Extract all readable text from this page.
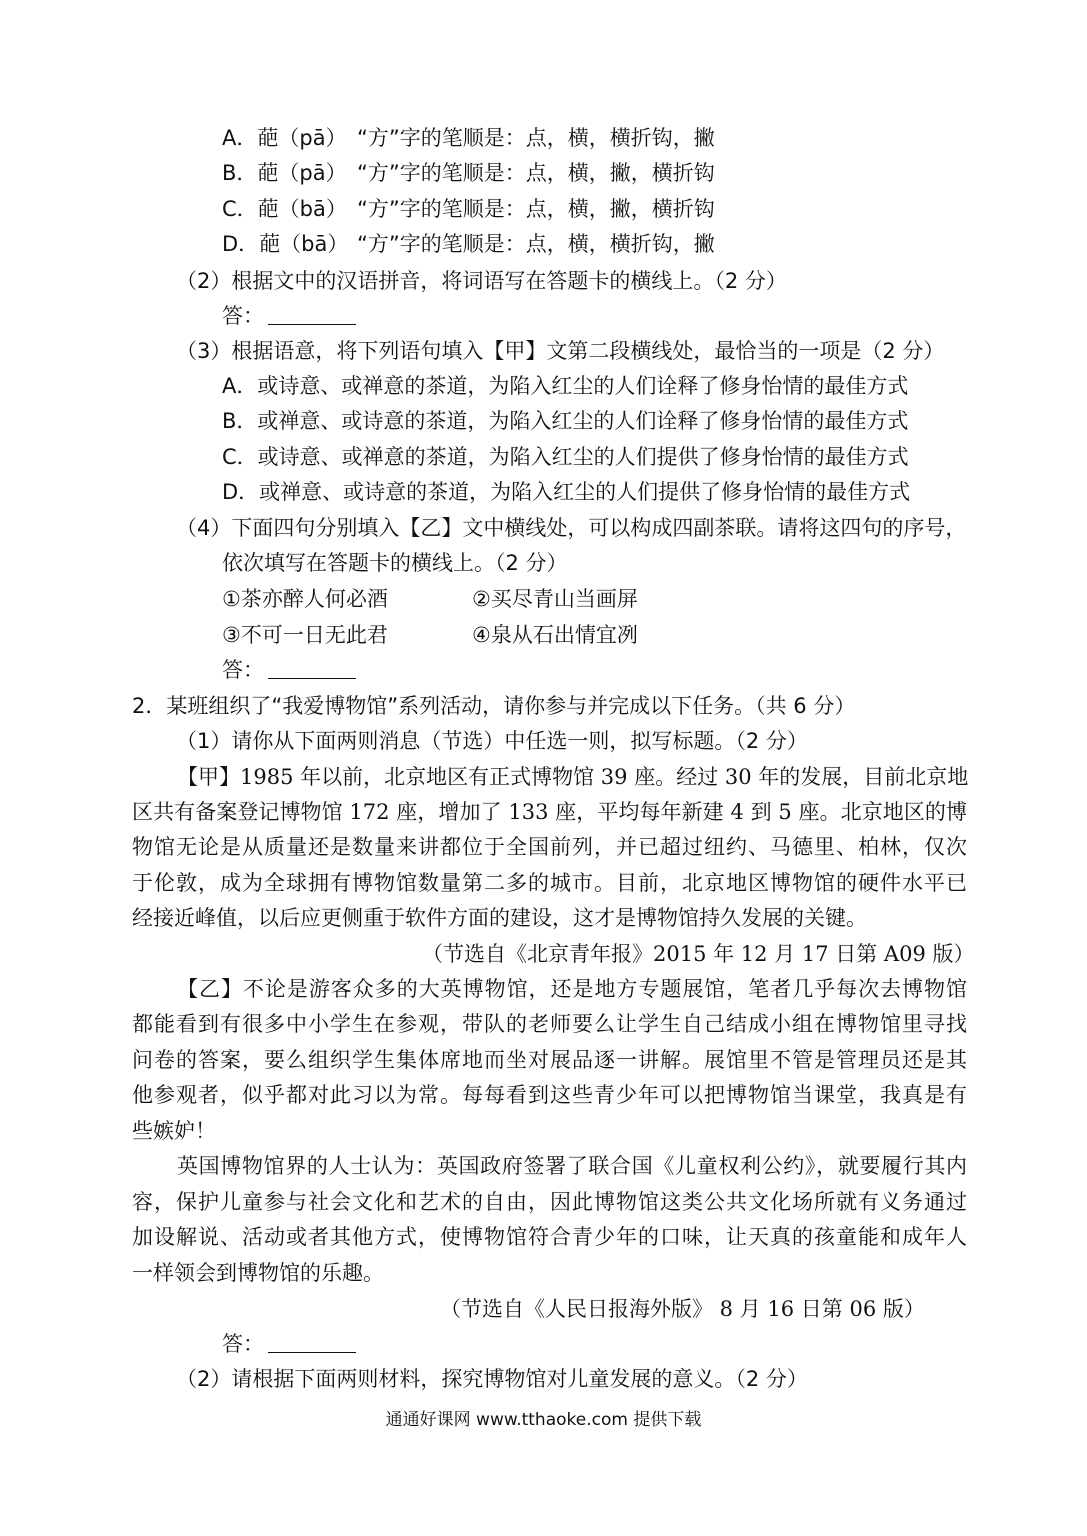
A．葩（pā） “方”字的笔顺是：点，横，横折钩，撇
B．葩（pā） “方”字的笔顺是：点，横，撇，横折钩
C．葩（bā） “方”字的笔顺是：点，横，撇，横折钩
D．葩（bā） “方”字的笔顺是：点，横，横折钩，撇
（2）根据文中的汉语拼音，将词语写在答题卡的横线上。（2 分）
答：
（3）根据语意，将下列语句填入【甲】文第二段横线处，最恰当的一项是（2 分）
A．或诗意、或禅意的茶道，为陷入红尘的人们诠释了修身怡情的最佳方式
B．或禅意、或诗意的茶道，为陷入红尘的人们诠释了修身怡情的最佳方式
C．或诗意、或禅意的茶道，为陷入红尘的人们提供了修身怡情的最佳方式
D．或禅意、或诗意的茶道，为陷入红尘的人们提供了修身怡情的最佳方式
（4）下面四句分别填入【乙】文中横线处，可以构成四副茶联。请将这四句的序号，
依次填写在答题卡的横线上。（2 分）
①茶亦醉人何必酒	②买尽青山当画屏
③不可一日无此君	④泉从石出情宜冽
答：
2．某班组织了“我爱博物馆”系列活动，请你参与并完成以下任务。（共 6 分）
（1）请你从下面两则消息（节选）中任选一则，拟写标题。（2 分）
【甲】1985 年以前，北京地区有正式博物馆 39 座。经过 30 年的发展，目前北京地
区共有备案登记博物馆 172 座，增加了 133 座，平均每年新建 4 到 5 座。北京地区的博
物馆无论是从质量还是数量来讲都位于全国前列，并已超过纽约、马德里、柏林，仅次
于伦敦，成为全球拥有博物馆数量第二多的城市。目前，北京地区博物馆的硬件水平已
经接近峰值，以后应更侧重于软件方面的建设，这才是博物馆持久发展的关键。
（节选自《北京青年报》2015 年 12 月 17 日第 A09 版）
【乙】不论是游客众多的大英博物馆，还是地方专题展馆，笔者几乎每次去博物馆
都能看到有很多中小学生在参观，带队的老师要么让学生自己结成小组在博物馆里寻找
问卷的答案，要么组织学生集体席地而坐对展品逐一讲解。展馆里不管是管理员还是其
他参观者，似乎都对此习以为常。每每看到这些青少年可以把博物馆当课堂，我真是有
些嫉妒！
英国博物馆界的人士认为：英国政府签署了联合国《儿童权利公约》，就要履行其内
容，保护儿童参与社会文化和艺术的自由，因此博物馆这类公共文化场所就有义务通过
加设解说、活动或者其他方式，使博物馆符合青少年的口味，让天真的孩童能和成年人
一样领会到博物馆的乐趣。
（节选自《人民日报海外版》 8 月 16 日第 06 版）
答：
（2）请根据下面两则材料，探究博物馆对儿童发展的意义。（2 分）
通通好课网 www.tthaoke.com 提供下载
